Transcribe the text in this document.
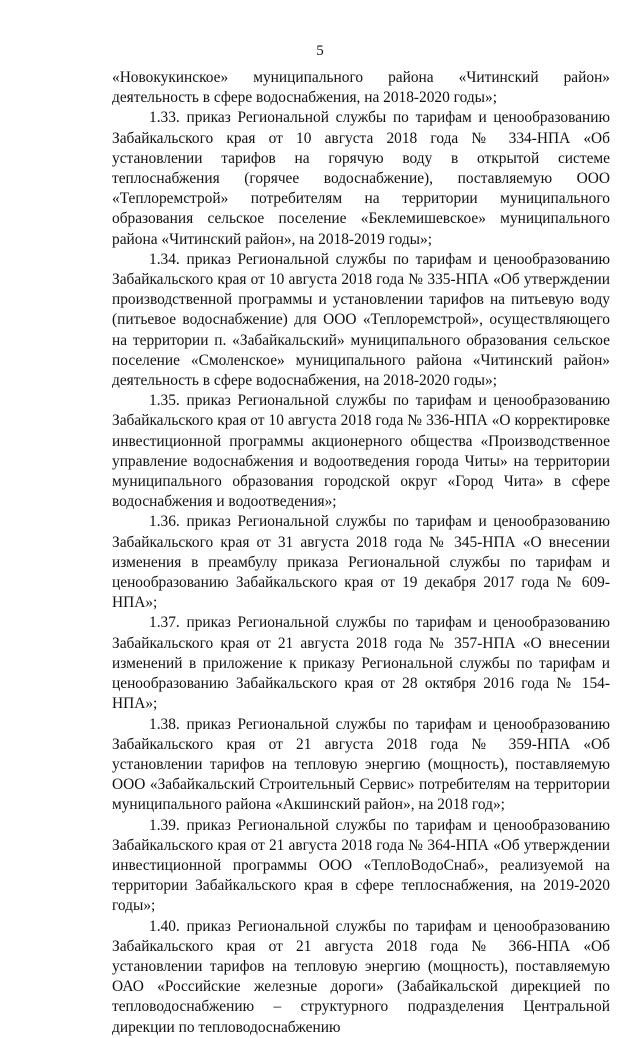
5

«Новокукинское» муниципального района «Читинский район» деятельность в сфере водоснабжения, на 2018-2020 годы»;

1.33. приказ Региональной службы по тарифам и ценообразованию Забайкальского края от 10 августа 2018 года № 334-НПА «Об установлении тарифов на горячую воду в открытой системе теплоснабжения (горячее водоснабжение), поставляемую ООО «Теплоремстрой» потребителям на территории муниципального образования сельское поселение «Беклемишевское» муниципального района «Читинский район», на 2018-2019 годы»;

1.34. приказ Региональной службы по тарифам и ценообразованию Забайкальского края от 10 августа 2018 года № 335-НПА «Об утверждении производственной программы и установлении тарифов на питьевую воду (питьевое водоснабжение) для ООО «Теплоремстрой», осуществляющего на территории п. «Забайкальский» муниципального образования сельское поселение «Смоленское» муниципального района «Читинский район» деятельность в сфере водоснабжения, на 2018-2020 годы»;

1.35. приказ Региональной службы по тарифам и ценообразованию Забайкальского края от 10 августа 2018 года № 336-НПА «О корректировке инвестиционной программы акционерного общества «Производственное управление водоснабжения и водоотведения города Читы» на территории муниципального образования городской округ «Город Чита» в сфере водоснабжения и водоотведения»;

1.36. приказ Региональной службы по тарифам и ценообразованию Забайкальского края от 31 августа 2018 года № 345-НПА «О внесении изменения в преамбулу приказа Региональной службы по тарифам и ценообразованию Забайкальского края от 19 декабря 2017 года № 609-НПА»;

1.37. приказ Региональной службы по тарифам и ценообразованию Забайкальского края от 21 августа 2018 года № 357-НПА «О внесении изменений в приложение к приказу Региональной службы по тарифам и ценообразованию Забайкальского края от 28 октября 2016 года № 154-НПА»;

1.38. приказ Региональной службы по тарифам и ценообразованию Забайкальского края от 21 августа 2018 года № 359-НПА «Об установлении тарифов на тепловую энергию (мощность), поставляемую ООО «Забайкальский Строительный Сервис» потребителям на территории муниципального района «Акшинский район», на 2018 год»;

1.39. приказ Региональной службы по тарифам и ценообразованию Забайкальского края от 21 августа 2018 года № 364-НПА «Об утверждении инвестиционной программы ООО «ТеплоВодоСнаб», реализуемой на территории Забайкальского края в сфере теплоснабжения, на 2019-2020 годы»;

1.40. приказ Региональной службы по тарифам и ценообразованию Забайкальского края от 21 августа 2018 года № 366-НПА «Об установлении тарифов на тепловую энергию (мощность), поставляемую ОАО «Российские железные дороги» (Забайкальской дирекцией по тепловодоснабжению – структурного подразделения Центральной дирекции по тепловодоснабжению
